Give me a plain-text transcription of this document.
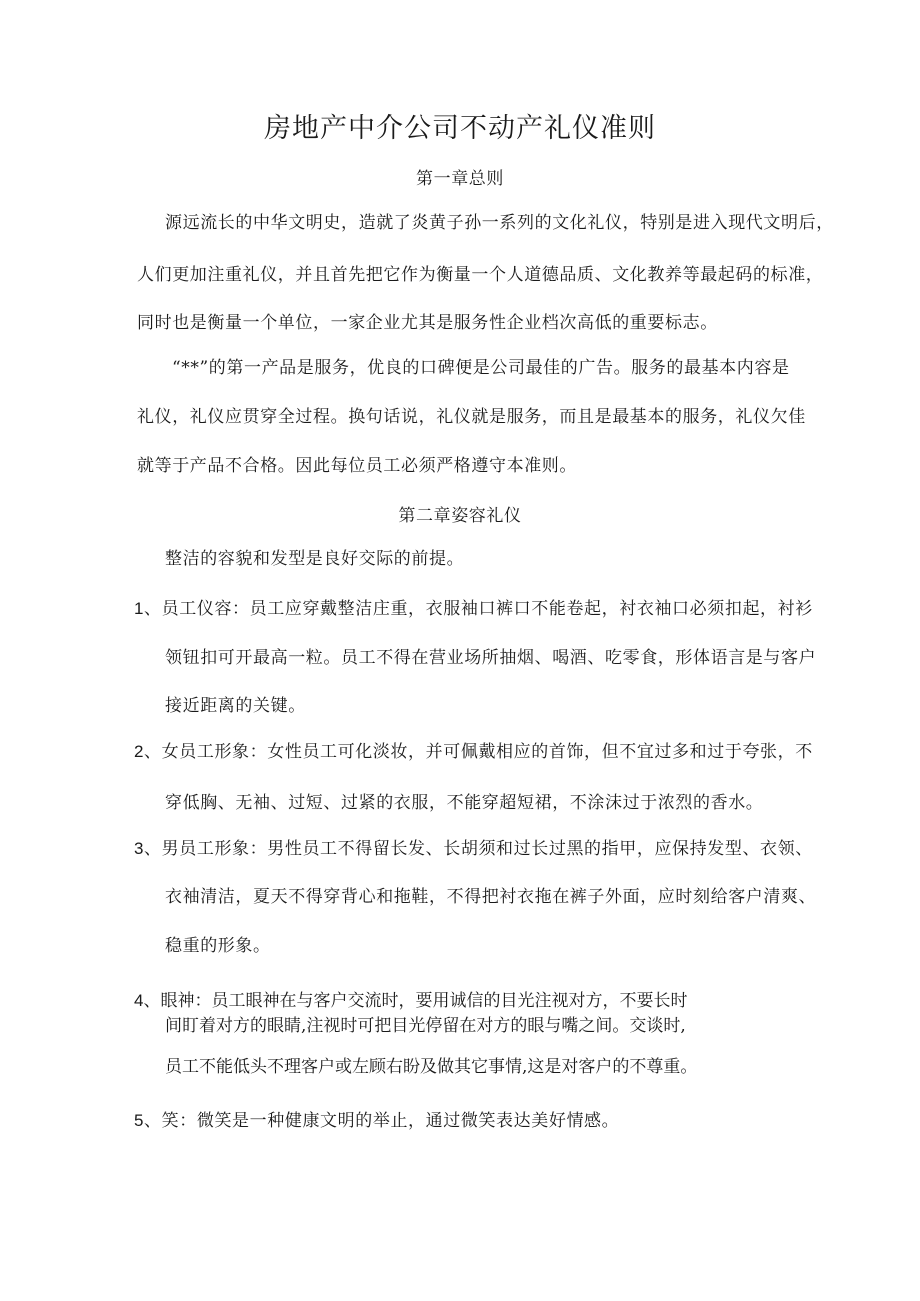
房地产中介公司不动产礼仪准则
第一章总则
源远流长的中华文明史，造就了炎黄子孙一系列的文化礼仪，特别是进入现代文明后，
人们更加注重礼仪，并且首先把它作为衡量一个人道德品质、文化教养等最起码的标准，
同时也是衡量一个单位，一家企业尤其是服务性企业档次高低的重要标志。
“**”的第一产品是服务，优良的口碑便是公司最佳的广告。服务的最基本内容是
礼仪，礼仪应贯穿全过程。换句话说，礼仪就是服务，而且是最基本的服务，礼仪欠佳
就等于产品不合格。因此每位员工必须严格遵守本准则。
第二章姿容礼仪
整洁的容貌和发型是良好交际的前提。
1、员工仪容：员工应穿戴整洁庄重，衣服袖口裤口不能卷起，衬衣袖口必须扣起，衬衫
领钮扣可开最高一粒。员工不得在营业场所抽烟、喝酒、吃零食，形体语言是与客户
接近距离的关键。
2、女员工形象：女性员工可化淡妆，并可佩戴相应的首饰，但不宜过多和过于夸张，不
穿低胸、无袖、过短、过紧的衣服，不能穿超短裙，不涂沫过于浓烈的香水。
3、男员工形象：男性员工不得留长发、长胡须和过长过黑的指甲，应保持发型、衣领、
衣袖清洁，夏天不得穿背心和拖鞋，不得把衬衣拖在裤子外面，应时刻给客户清爽、
稳重的形象。
4、眼神：员工眼神在与客户交流时，要用诚信的目光注视对方，不要长时
间盯着对方的眼睛,注视时可把目光停留在对方的眼与嘴之间。交谈时,
员工不能低头不理客户或左顾右盼及做其它事情,这是对客户的不尊重。
5、笑：微笑是一种健康文明的举止，通过微笑表达美好情感。
